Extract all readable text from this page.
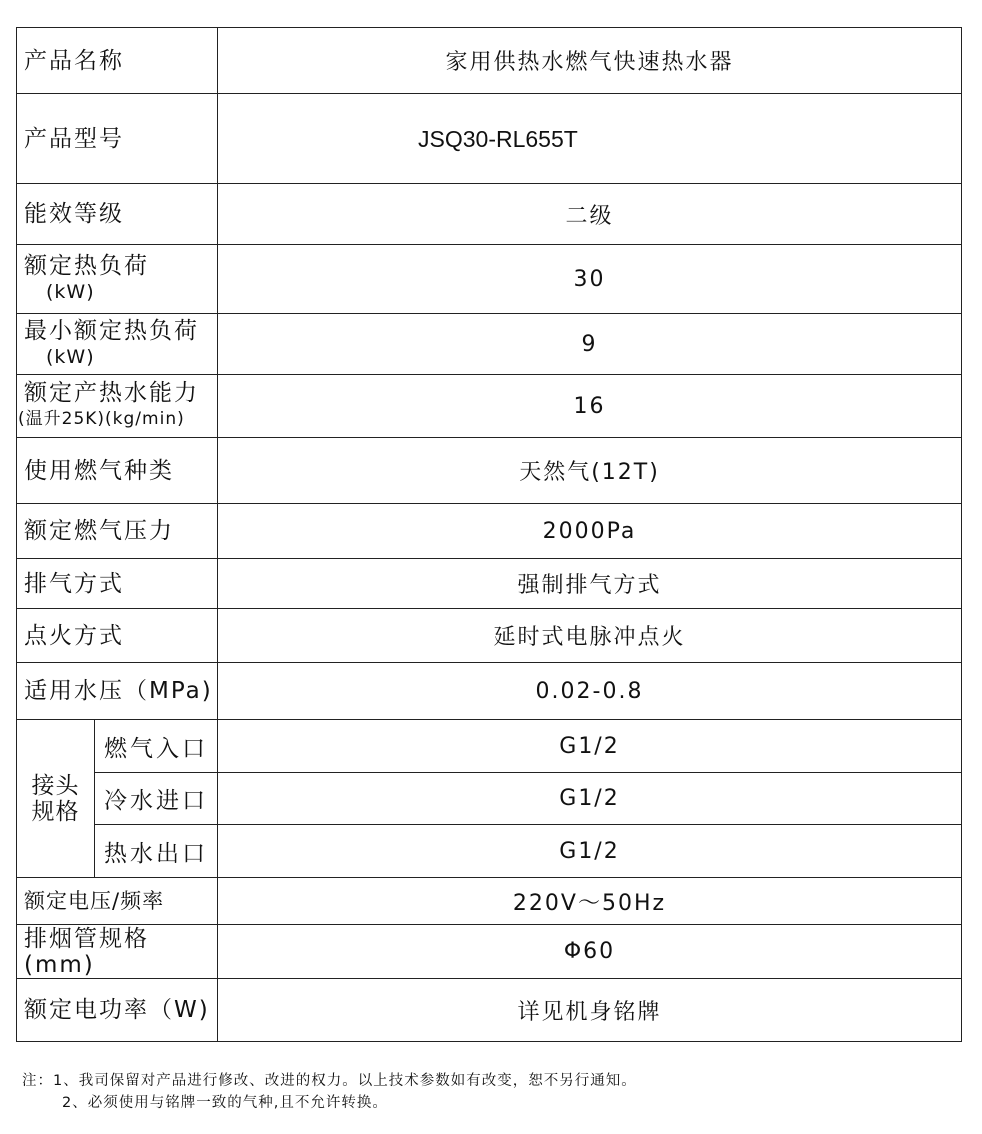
产品名称		家用供热水燃气快速热水器
产品型号		JSQ30-RL655T
能效等级		二级
额定热负荷
(kW)		30
最小额定热负荷
(kW)		9
额定产热水能力
(温升25K)(kg/min)		16
使用燃气种类		天然气(12T)
额定燃气压力		2000Pa
排气方式		强制排气方式
点火方式		延时式电脉冲点火
适用水压（MPa)		0.02-0.8
接头
规格	燃气入口	G1/2
	冷水进口	G1/2
	热水出口	G1/2
额定电压/频率		220V～50Hz
排烟管规格(mm)		Φ60
额定电功率（W)		详见机身铭牌
注：1、我司保留对产品进行修改、改进的权力。以上技术参数如有改变，恕不另行通知。
2、必须使用与铭牌一致的气种,且不允许转换。
